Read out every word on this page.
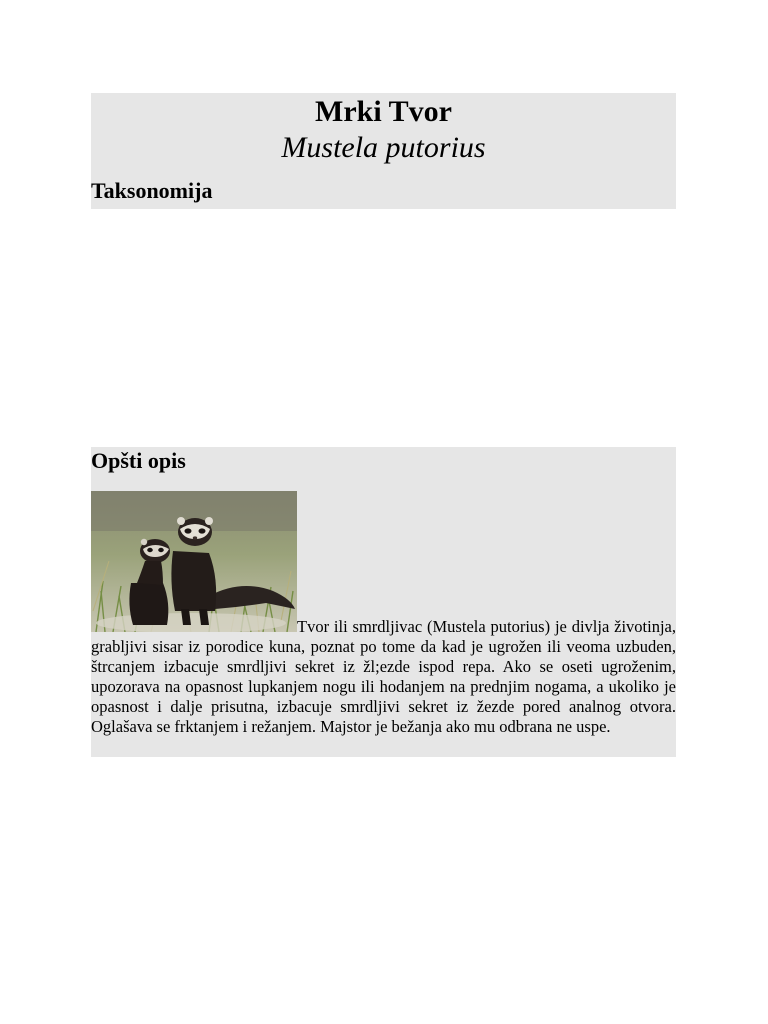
Mrki Tvor
Mustela putorius
Taksonomija
Opšti opis
Tvor ili smrdljivac (Mustela putorius) je divlja životinja, grabljivi sisar iz porodice kuna, poznat po tome da kad je ugrožen ili veoma uzbuden, štrcanjem izbacuje smrdljivi sekret iz žl;ezde ispod repa. Ako se oseti ugroženim, upozorava na opasnost lupkanjem nogu ili hodanjem na prednjim nogama, a ukoliko je opasnost i dalje prisutna, izbacuje smrdljivi sekret iz žezde pored analnog otvora. Oglašava se frktanjem i režanjem. Majstor je bežanja ako mu odbrana ne uspe.
